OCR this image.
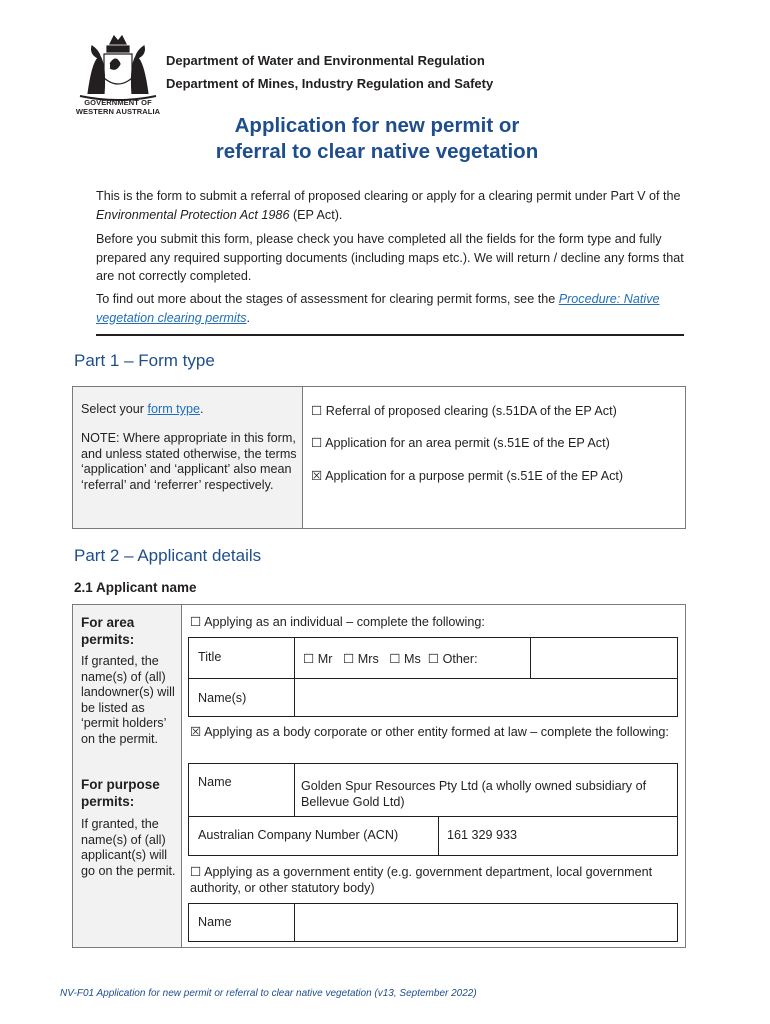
GOVERNMENT OF
WESTERN AUSTRALIA
Department of Water and Environmental Regulation
Department of Mines, Industry Regulation and Safety
Application for new permit or
referral to clear native vegetation
This is the form to submit a referral of proposed clearing or apply for a clearing permit under Part V of the Environmental Protection Act 1986 (EP Act).
Before you submit this form, please check you have completed all the fields for the form type and fully prepared any required supporting documents (including maps etc.). We will return / decline any forms that are not correctly completed.
To find out more about the stages of assessment for clearing permit forms, see the Procedure: Native vegetation clearing permits.
Part 1 – Form type
Select your form type.
NOTE: Where appropriate in this form, and unless stated otherwise, the terms ‘application’ and ‘applicant’ also mean ‘referral’ and ‘referrer’ respectively.
☐ Referral of proposed clearing (s.51DA of the EP Act)
☐ Application for an area permit (s.51E of the EP Act)
☒ Application for a purpose permit (s.51E of the EP Act)
Part 2 – Applicant details
2.1 Applicant name
For area permits:
If granted, the name(s) of (all) landowner(s) will be listed as ‘permit holders’ on the permit.
For purpose permits:
If granted, the name(s) of (all) applicant(s) will go on the permit.
☐ Applying as an individual – complete the following:
Title	☐ Mr   ☐ Mrs   ☐ Ms  ☐ Other:
Name(s)
☒ Applying as a body corporate or other entity formed at law – complete the following:
Name	Golden Spur Resources Pty Ltd (a wholly owned subsidiary of Bellevue Gold Ltd)
Australian Company Number (ACN)	161 329 933
☐ Applying as a government entity (e.g. government department, local government authority, or other statutory body)
Name
NV-F01 Application for new permit or referral to clear native vegetation (v13, September 2022)
